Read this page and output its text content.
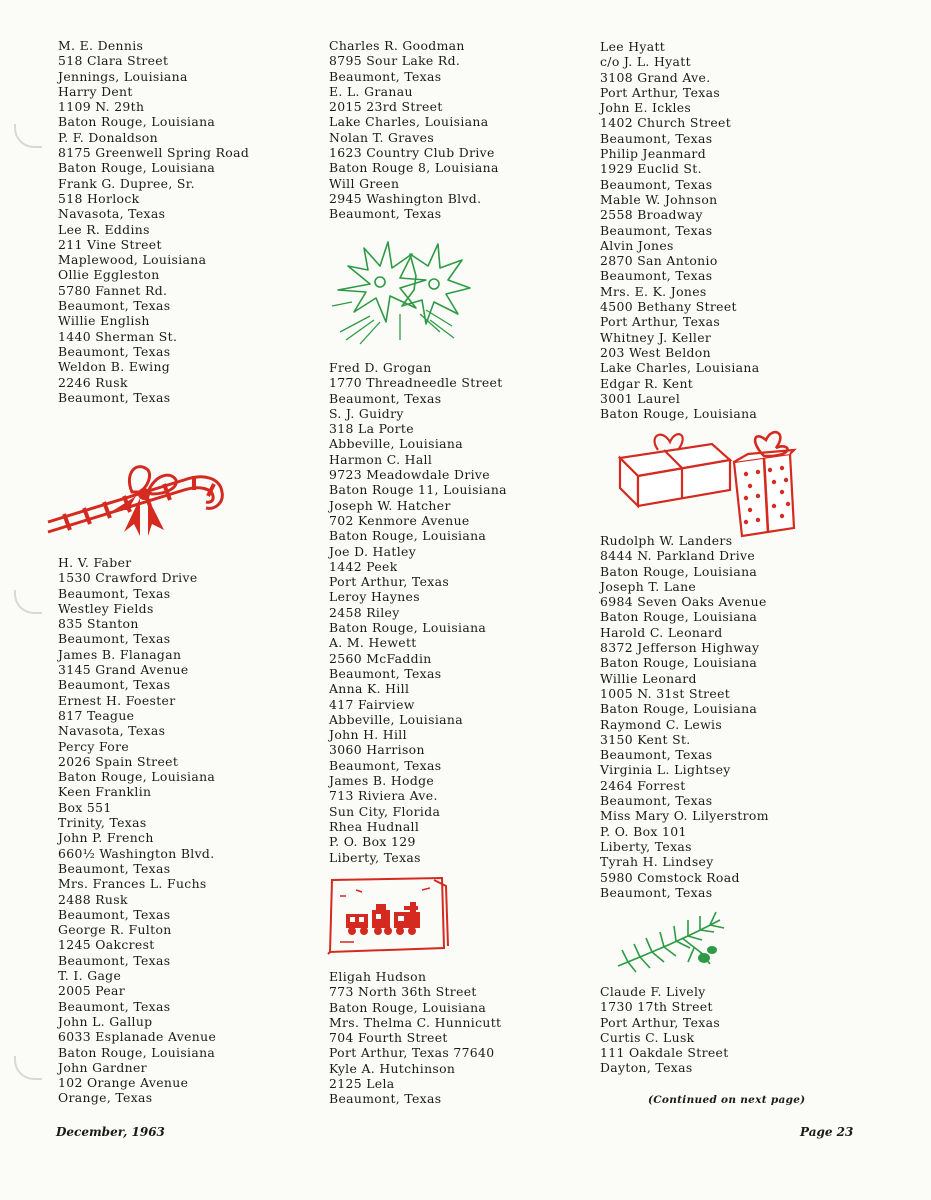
M. E. Dennis
518 Clara Street
Jennings, Louisiana
Harry Dent
1109 N. 29th
Baton Rouge, Louisiana
P. F. Donaldson
8175 Greenwell Spring Road
Baton Rouge, Louisiana
Frank G. Dupree, Sr.
518 Horlock
Navasota, Texas
Lee R. Eddins
211 Vine Street
Maplewood, Louisiana
Ollie Eggleston
5780 Fannet Rd.
Beaumont, Texas
Willie English
1440 Sherman St.
Beaumont, Texas
Weldon B. Ewing
2246 Rusk
Beaumont, Texas
H. V. Faber
1530 Crawford Drive
Beaumont, Texas
Westley Fields
835 Stanton
Beaumont, Texas
James B. Flanagan
3145 Grand Avenue
Beaumont, Texas
Ernest H. Foester
817 Teague
Navasota, Texas
Percy Fore
2026 Spain Street
Baton Rouge, Louisiana
Keen Franklin
Box 551
Trinity, Texas
John P. French
660½ Washington Blvd.
Beaumont, Texas
Mrs. Frances L. Fuchs
2488 Rusk
Beaumont, Texas
George R. Fulton
1245 Oakcrest
Beaumont, Texas
T. I. Gage
2005 Pear
Beaumont, Texas
John L. Gallup
6033 Esplanade Avenue
Baton Rouge, Louisiana
John Gardner
102 Orange Avenue
Orange, Texas
Charles R. Goodman
8795 Sour Lake Rd.
Beaumont, Texas
E. L. Granau
2015 23rd Street
Lake Charles, Louisiana
Nolan T. Graves
1623 Country Club Drive
Baton Rouge 8, Louisiana
Will Green
2945 Washington Blvd.
Beaumont, Texas
Fred D. Grogan
1770 Threadneedle Street
Beaumont, Texas
S. J. Guidry
318 La Porte
Abbeville, Louisiana
Harmon C. Hall
9723 Meadowdale Drive
Baton Rouge 11, Louisiana
Joseph W. Hatcher
702 Kenmore Avenue
Baton Rouge, Louisiana
Joe D. Hatley
1442 Peek
Port Arthur, Texas
Leroy Haynes
2458 Riley
Baton Rouge, Louisiana
A. M. Hewett
2560 McFaddin
Beaumont, Texas
Anna K. Hill
417 Fairview
Abbeville, Louisiana
John H. Hill
3060 Harrison
Beaumont, Texas
James B. Hodge
713 Riviera Ave.
Sun City, Florida
Rhea Hudnall
P. O. Box 129
Liberty, Texas
Eligah Hudson
773 North 36th Street
Baton Rouge, Louisiana
Mrs. Thelma C. Hunnicutt
704 Fourth Street
Port Arthur, Texas 77640
Kyle A. Hutchinson
2125 Lela
Beaumont, Texas
Lee Hyatt
c/o J. L. Hyatt
3108 Grand Ave.
Port Arthur, Texas
John E. Ickles
1402 Church Street
Beaumont, Texas
Philip Jeanmard
1929 Euclid St.
Beaumont, Texas
Mable W. Johnson
2558 Broadway
Beaumont, Texas
Alvin Jones
2870 San Antonio
Beaumont, Texas
Mrs. E. K. Jones
4500 Bethany Street
Port Arthur, Texas
Whitney J. Keller
203 West Beldon
Lake Charles, Louisiana
Edgar R. Kent
3001 Laurel
Baton Rouge, Louisiana
Rudolph W. Landers
8444 N. Parkland Drive
Baton Rouge, Louisiana
Joseph T. Lane
6984 Seven Oaks Avenue
Baton Rouge, Louisiana
Harold C. Leonard
8372 Jefferson Highway
Baton Rouge, Louisiana
Willie Leonard
1005 N. 31st Street
Baton Rouge, Louisiana
Raymond C. Lewis
3150 Kent St.
Beaumont, Texas
Virginia L. Lightsey
2464 Forrest
Beaumont, Texas
Miss Mary O. Lilyerstrom
P. O. Box 101
Liberty, Texas
Tyrah H. Lindsey
5980 Comstock Road
Beaumont, Texas
Claude F. Lively
1730 17th Street
Port Arthur, Texas
Curtis C. Lusk
111 Oakdale Street
Dayton, Texas
(Continued on next page)
December, 1963	Page 23
